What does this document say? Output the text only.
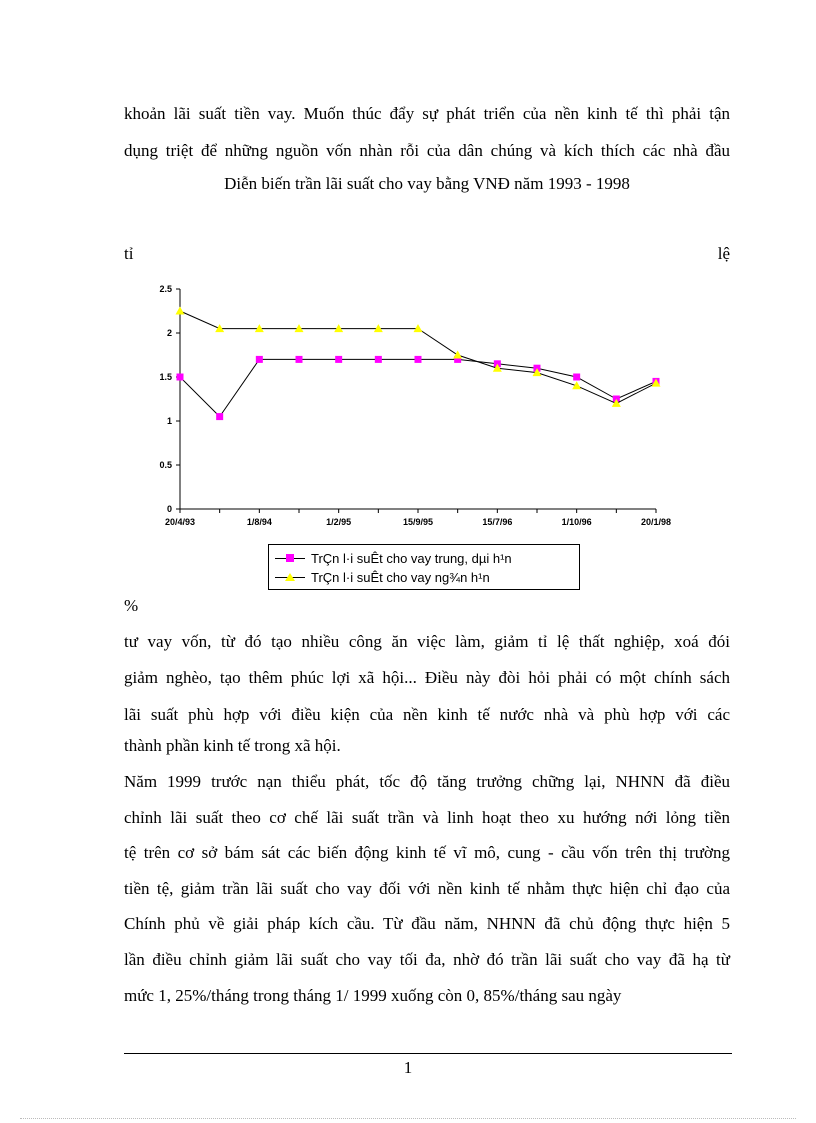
khoản lãi suất tiền vay. Muốn thúc đẩy sự phát triển của nền kinh tế thì phải tận
dụng triệt để những nguồn vốn nhàn rỗi của dân chúng và kích thích các nhà đầu
Diễn biến trần lãi suất cho vay bằng VNĐ năm 1993 - 1998
tỉ	lệ
0
0.5
1
1.5
2
2.5
20/4/93	1/8/94	1/2/95	15/9/95	15/7/96	1/10/96	20/1/98
TrÇn l·i suÊt cho vay trung, dµi h¹n
TrÇn l·i suÊt cho vay ng¾n h¹n
%
tư vay vốn, từ đó tạo nhiều công ăn việc làm, giảm tỉ lệ thất nghiệp, xoá đói
giảm nghèo, tạo thêm phúc lợi xã hội... Điều này đòi hỏi phải có một chính sách
lãi suất phù hợp với điều kiện của nền kinh tế nước nhà và phù hợp với các
thành phần kinh tế trong xã hội.
Năm 1999 trước nạn thiểu phát, tốc độ tăng trưởng chững lại, NHNN đã điều
chỉnh lãi suất theo cơ chế lãi suất trần và linh hoạt theo xu hướng nới lỏng tiền
tệ trên cơ sở bám sát các biến động kinh tế vĩ mô, cung - cầu vốn trên thị trường
tiền tệ, giảm trần lãi suất cho vay đối với nền kinh tế nhằm thực hiện chỉ đạo của
Chính phủ về giải pháp kích cầu. Từ đầu năm, NHNN đã chủ động thực hiện 5
lần điều chỉnh giảm lãi suất cho vay tối đa, nhờ đó trần lãi suất cho vay đã hạ từ
mức 1, 25%/tháng trong tháng 1/ 1999 xuống còn 0, 85%/tháng sau ngày
1
